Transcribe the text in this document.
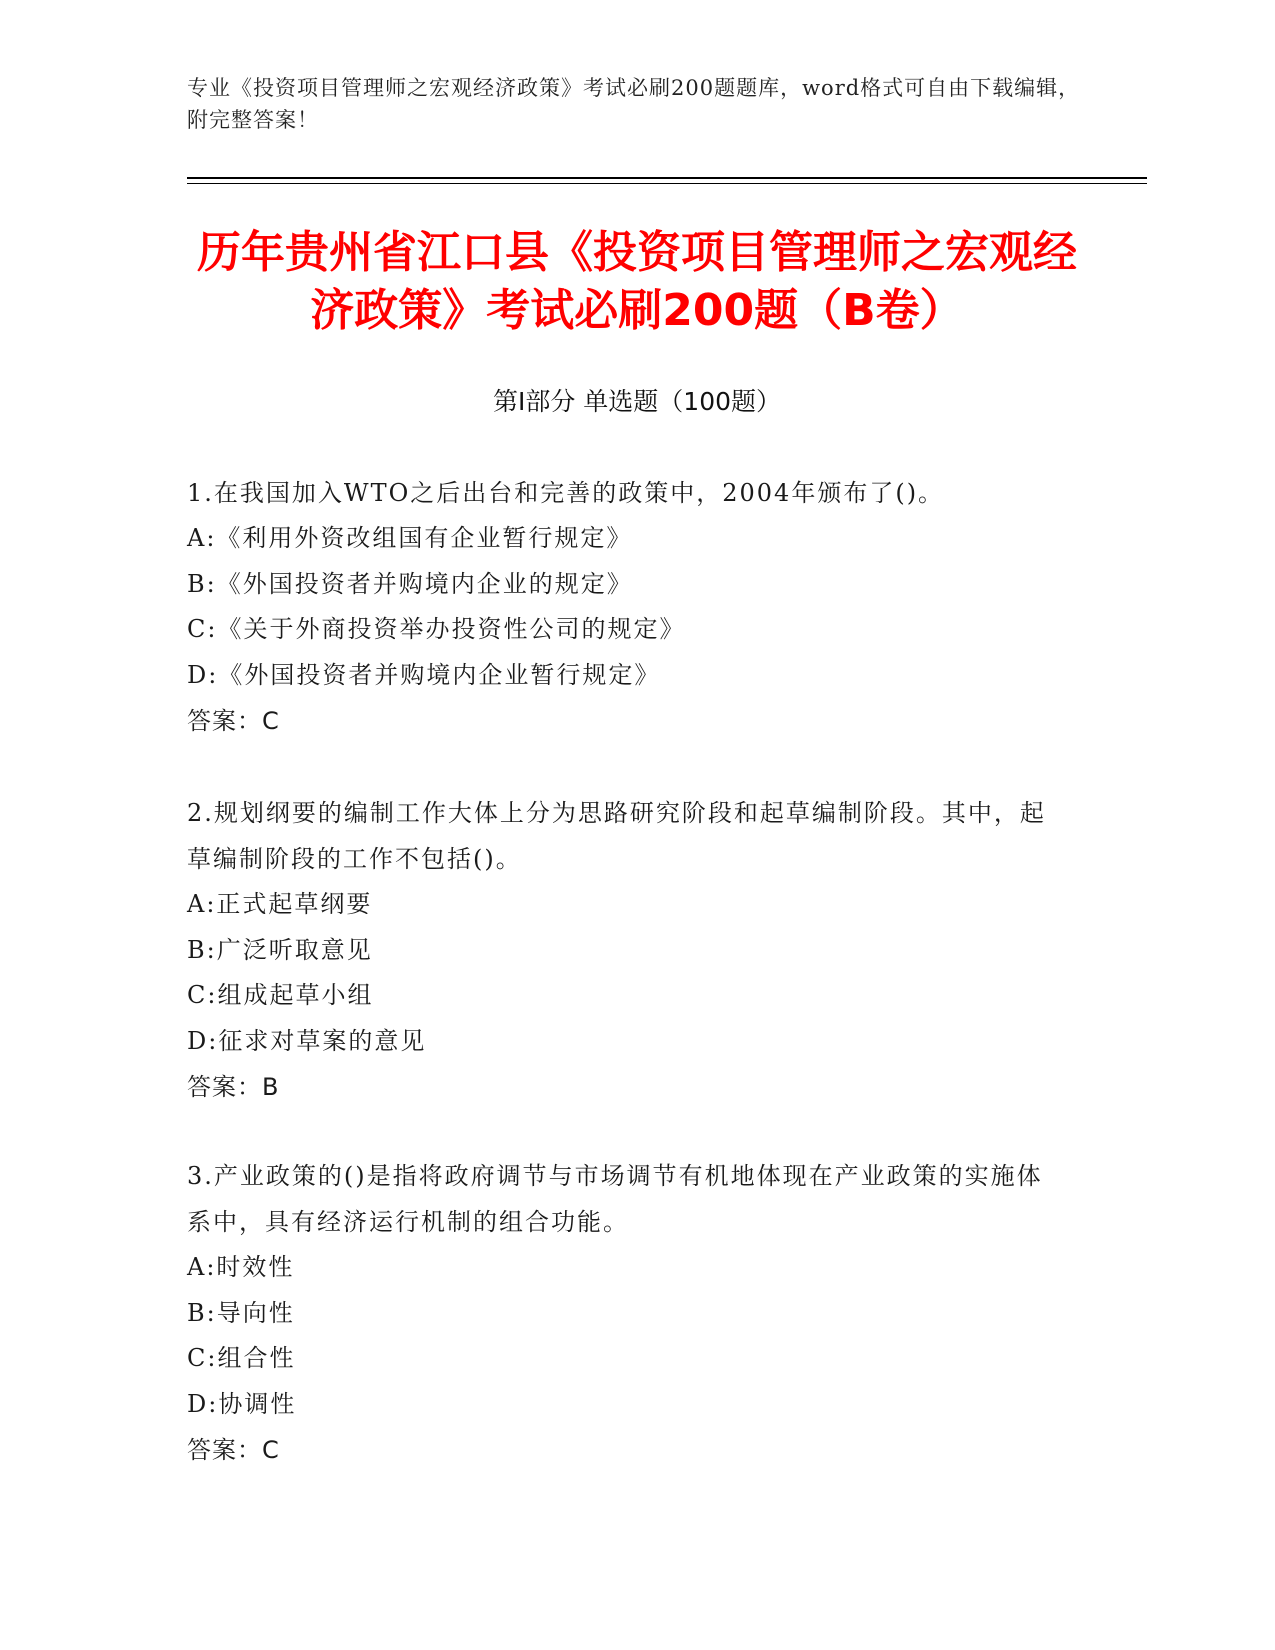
专业《投资项目管理师之宏观经济政策》考试必刷200题题库，word格式可自由下载编辑，附完整答案！
历年贵州省江口县《投资项目管理师之宏观经济政策》考试必刷200题（B卷）
第Ⅰ部分 单选题（100题）

1.在我国加入WTO之后出台和完善的政策中，2004年颁布了()。

A:《利用外资改组国有企业暂行规定》

B:《外国投资者并购境内企业的规定》

C:《关于外商投资举办投资性公司的规定》

D:《外国投资者并购境内企业暂行规定》

答案：C

2.规划纲要的编制工作大体上分为思路研究阶段和起草编制阶段。其中，起草编制阶段的工作不包括()。

A:正式起草纲要

B:广泛听取意见

C:组成起草小组

D:征求对草案的意见

答案：B

3.产业政策的()是指将政府调节与市场调节有机地体现在产业政策的实施体系中，具有经济运行机制的组合功能。

A:时效性

B:导向性

C:组合性

D:协调性

答案：C
